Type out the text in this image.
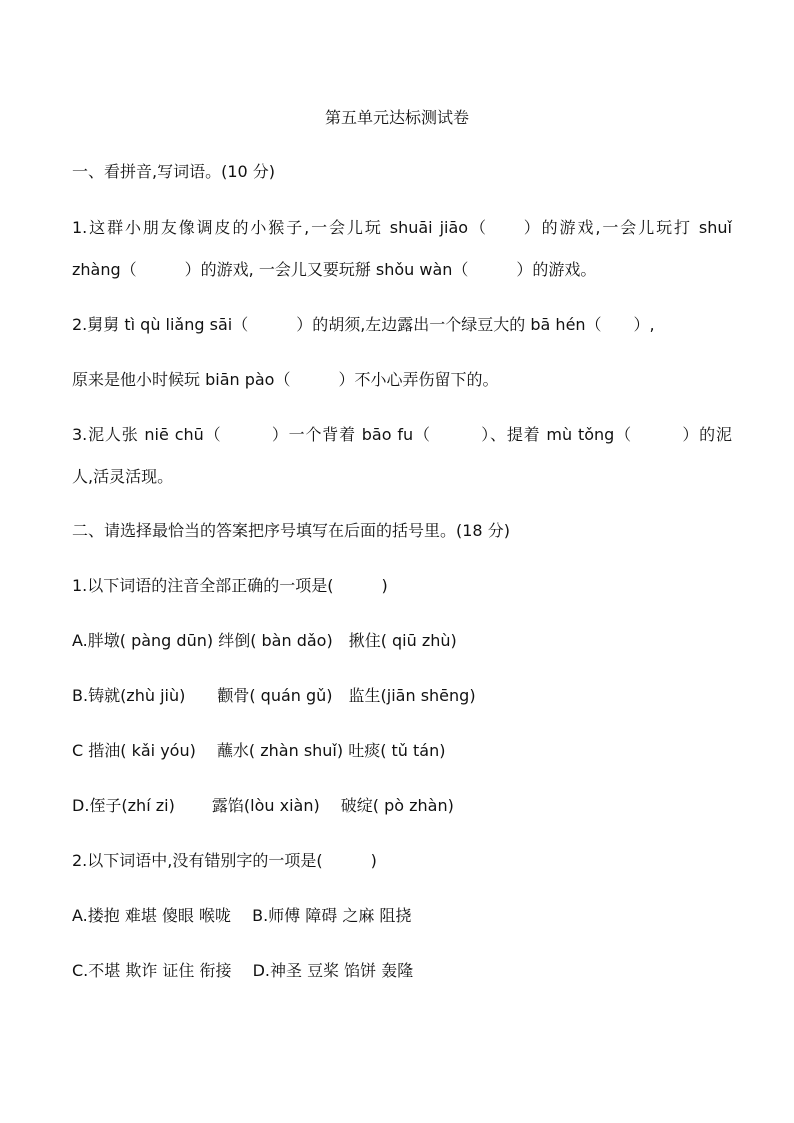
第五单元达标测试卷
一、看拼音,写词语。(10 分)
1.这群小朋友像调皮的小猴子,一会儿玩 shuāi jiāo（　　）的游戏,一会儿玩打 shuǐ
zhàng（　　　）的游戏, 一会儿又要玩掰 shǒu wàn（　　　）的游戏。
2.舅舅 tì qù liǎng sāi（　　　）的胡须,左边露出一个绿豆大的 bā hén（　　）,
原来是他小时候玩 biān pào（　　　）不小心弄伤留下的。
3.泥人张 niē chū（　　　）一个背着 bāo fu（　　　）、提着 mù tǒng（　　　）的泥
人,活灵活现。
二、请选择最恰当的答案把序号填写在后面的括号里。(18 分)
1.以下词语的注音全部正确的一项是(　　　)
A.胖墩( pàng dūn) 绊倒( bàn dǎo)　揪住( qiū zhù)
B.铸就(zhù jiù)　　颧骨( quán gǔ)　监生(jiān shēng)
C 揩油( kǎi yóu)　 蘸水( zhàn shuǐ) 吐痰( tǔ tán)
D.侄子(zhí zi)　　 露馅(lòu xiàn)　 破绽( pò zhàn)
2.以下词语中,没有错别字的一项是(　　　)
A.搂抱 难堪 傻眼 喉咙　 B.师傅 障碍 之麻 阻挠
C.不堪 欺诈 证住 衔接　 D.神圣 豆桨 馅饼 轰隆
